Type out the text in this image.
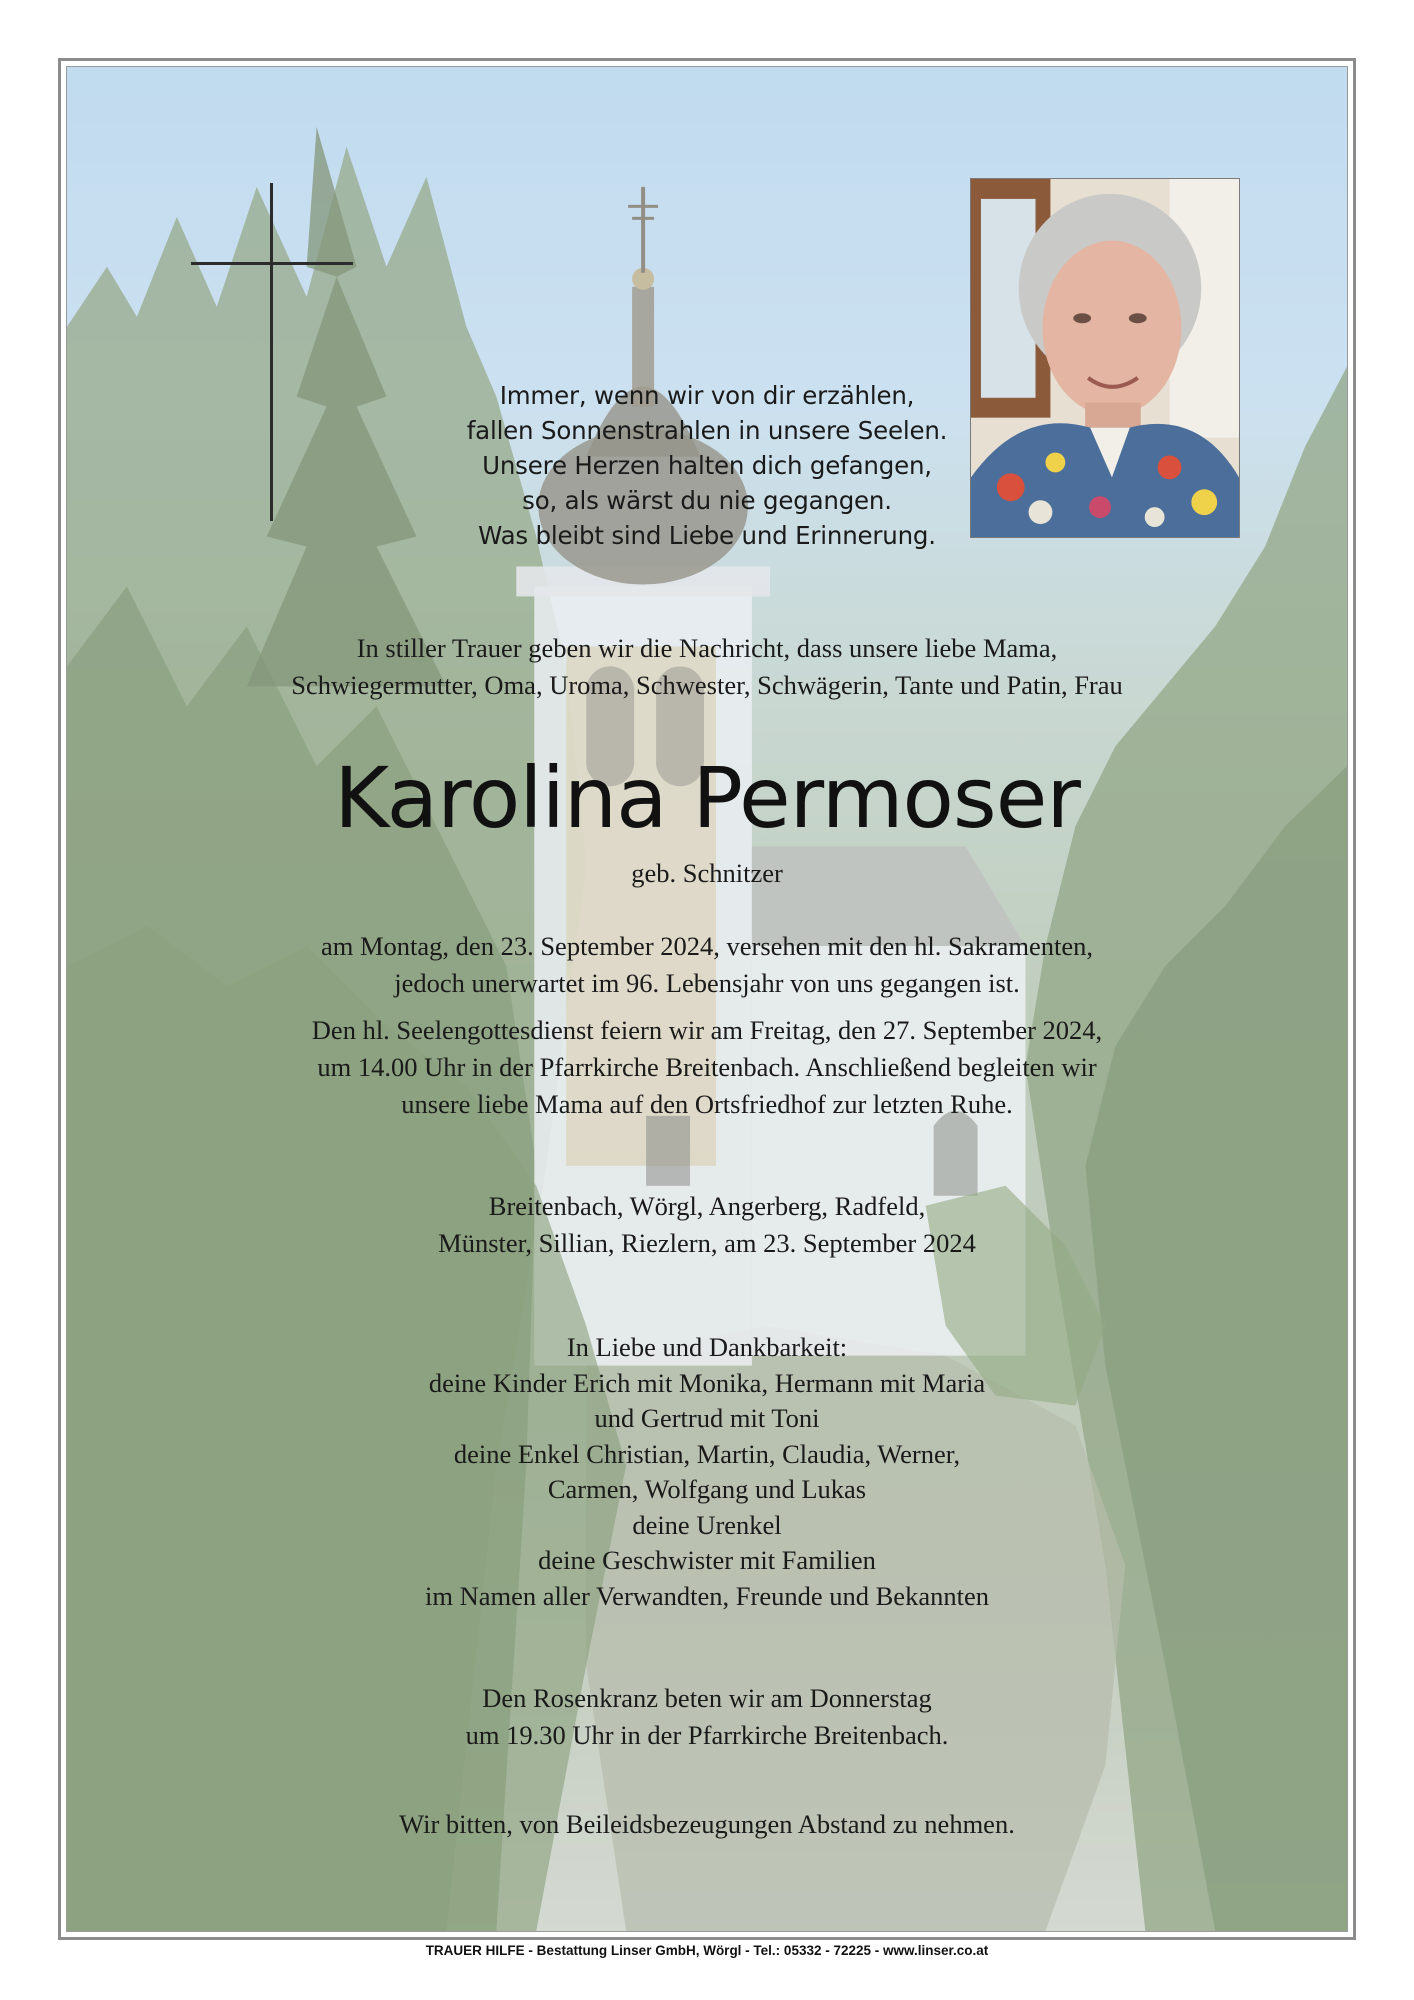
Immer, wenn wir von dir erzählen,
fallen Sonnenstrahlen in unsere Seelen.
Unsere Herzen halten dich gefangen,
so, als wärst du nie gegangen.
Was bleibt sind Liebe und Erinnerung.
In stiller Trauer geben wir die Nachricht, dass unsere liebe Mama,
Schwiegermutter, Oma, Uroma, Schwester, Schwägerin, Tante und Patin, Frau
Karolina Permoser
geb. Schnitzer
am Montag, den 23. September 2024, versehen mit den hl. Sakramenten,
jedoch unerwartet im 96. Lebensjahr von uns gegangen ist.
Den hl. Seelengottesdienst feiern wir am Freitag, den 27. September 2024,
um 14.00 Uhr in der Pfarrkirche Breitenbach. Anschließend begleiten wir
unsere liebe Mama auf den Ortsfriedhof zur letzten Ruhe.
Breitenbach, Wörgl, Angerberg, Radfeld,
Münster, Sillian, Riezlern, am 23. September 2024
In Liebe und Dankbarkeit:
deine Kinder Erich mit Monika, Hermann mit Maria
und Gertrud mit Toni
deine Enkel Christian, Martin, Claudia, Werner,
Carmen, Wolfgang und Lukas
deine Urenkel
deine Geschwister mit Familien
im Namen aller Verwandten, Freunde und Bekannten
Den Rosenkranz beten wir am Donnerstag
um 19.30 Uhr in der Pfarrkirche Breitenbach.
Wir bitten, von Beileidsbezeugungen Abstand zu nehmen.
TRAUER HILFE - Bestattung Linser GmbH, Wörgl - Tel.: 05332 - 72225 - www.linser.co.at
